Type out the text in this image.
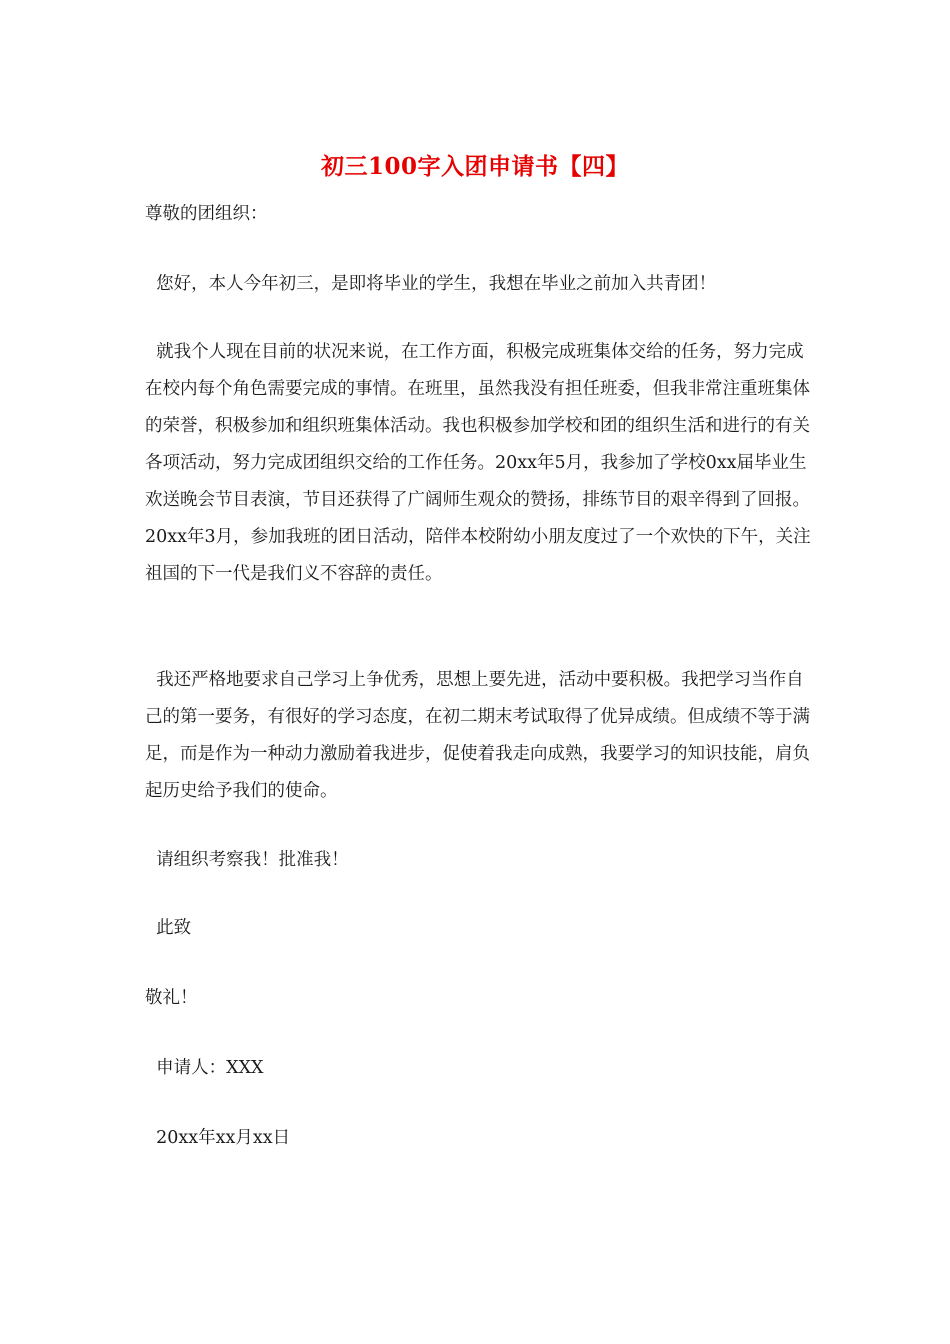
初三100字入团申请书【四】

尊敬的团组织：

您好，本人今年初三，是即将毕业的学生，我想在毕业之前加入共青团！

就我个人现在目前的状况来说，在工作方面，积极完成班集体交给的任务，努力完成在校内每个角色需要完成的事情。在班里，虽然我没有担任班委，但我非常注重班集体的荣誉，积极参加和组织班集体活动。我也积极参加学校和团的组织生活和进行的有关各项活动，努力完成团组织交给的工作任务。20xx年5月，我参加了学校0xx届毕业生欢送晚会节目表演，节目还获得了广阔师生观众的赞扬，排练节目的艰辛得到了回报。20xx年3月，参加我班的团日活动，陪伴本校附幼小朋友度过了一个欢快的下午，关注祖国的下一代是我们义不容辞的责任。

我还严格地要求自己学习上争优秀，思想上要先进，活动中要积极。我把学习当作自己的第一要务，有很好的学习态度，在初二期末考试取得了优异成绩。但成绩不等于满足，而是作为一种动力激励着我进步，促使着我走向成熟，我要学习的知识技能，肩负起历史给予我们的使命。

请组织考察我！批准我！

此致

敬礼！

申请人：XXX

20xx年xx月xx日
